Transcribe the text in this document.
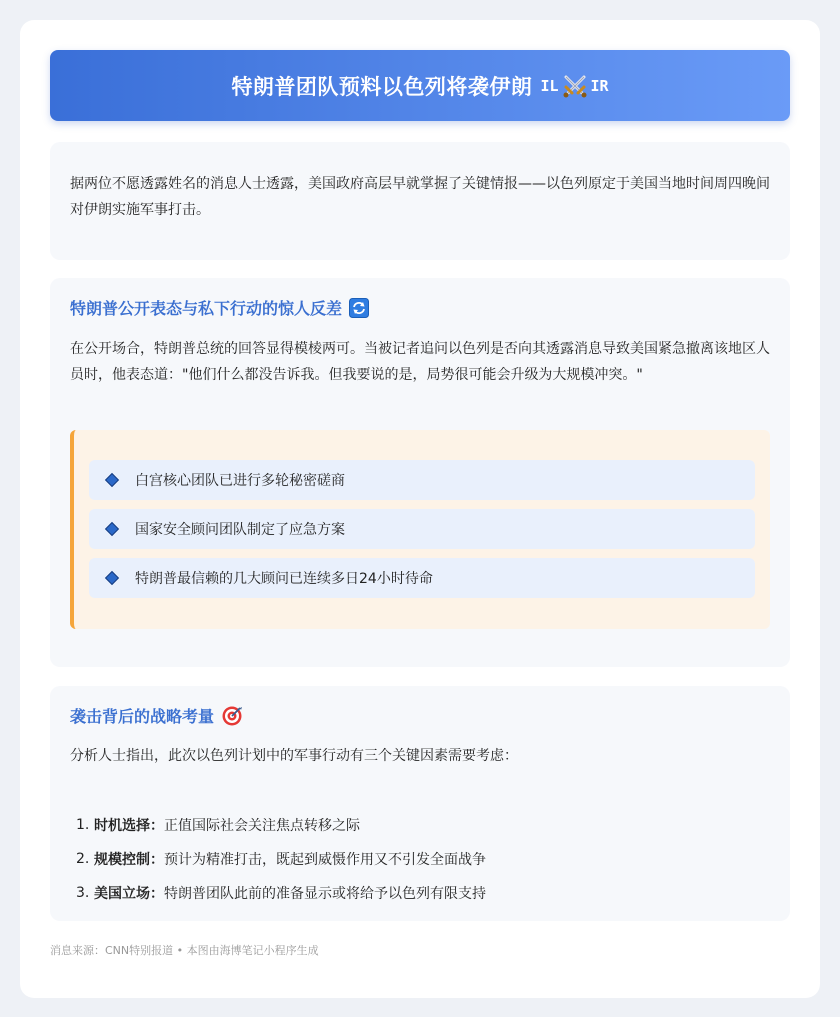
特朗普团队预料以色列将袭伊朗 IL IR

据两位不愿透露姓名的消息人士透露，美国政府高层早就掌握了关键情报——以色列原定于美国当地时间周四晚间对伊朗实施军事打击。

特朗普公开表态与私下行动的惊人反差

在公开场合，特朗普总统的回答显得模棱两可。当被记者追问以色列是否向其透露消息导致美国紧急撤离该地区人员时，他表态道："他们什么都没告诉我。但我要说的是，局势很可能会升级为大规模冲突。"

白宫核心团队已进行多轮秘密磋商
国家安全顾问团队制定了应急方案
特朗普最信赖的几大顾问已连续多日24小时待命
袭击背后的战略考量

分析人士指出，此次以色列计划中的军事行动有三个关键因素需要考虑：

1. 时机选择： 正值国际社会关注焦点转移之际
2. 规模控制： 预计为精准打击，既起到威慑作用又不引发全面战争
3. 美国立场： 特朗普团队此前的准备显示或将给予以色列有限支持
消息来源：CNN特别报道 • 本图由海博笔记小程序生成
